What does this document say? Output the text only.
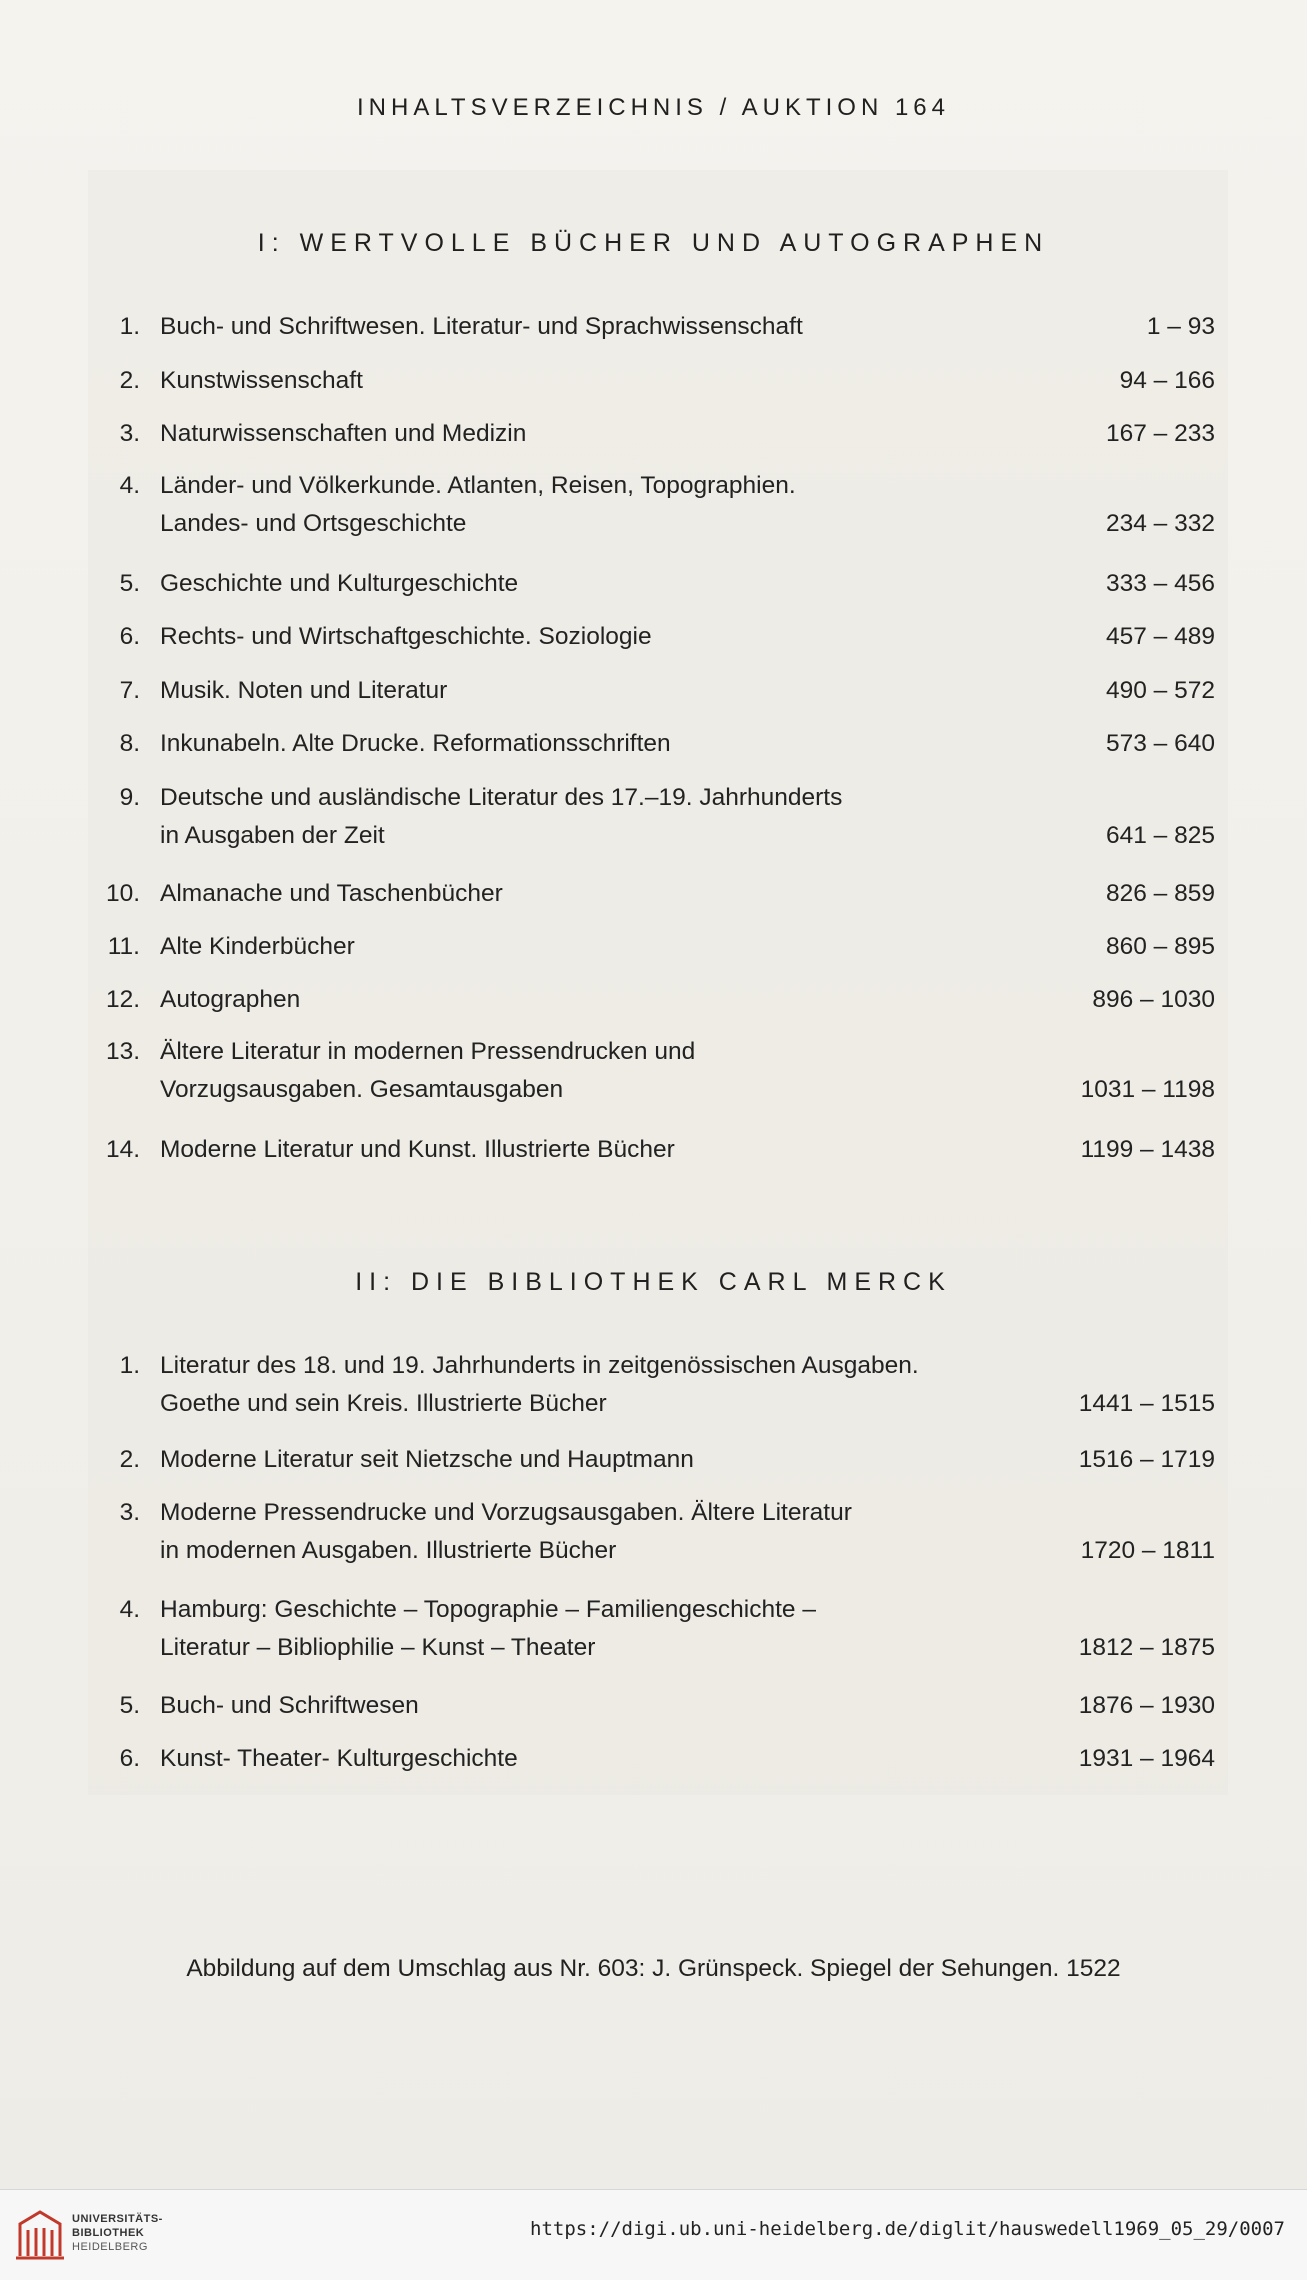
INHALTSVERZEICHNIS / AUKTION 164
I: WERTVOLLE BÜCHER UND AUTOGRAPHEN
1. Buch- und Schriftwesen. Literatur- und Sprachwissenschaft	1 – 93
2. Kunstwissenschaft	94 – 166
3. Naturwissenschaften und Medizin	167 – 233
4. Länder- und Völkerkunde. Atlanten, Reisen, Topographien.
Landes- und Ortsgeschichte	234 – 332
5. Geschichte und Kulturgeschichte	333 – 456
6. Rechts- und Wirtschaftgeschichte. Soziologie	457 – 489
7. Musik. Noten und Literatur	490 – 572
8. Inkunabeln. Alte Drucke. Reformationsschriften	573 – 640
9. Deutsche und ausländische Literatur des 17.–19. Jahrhunderts
in Ausgaben der Zeit	641 – 825
10. Almanache und Taschenbücher	826 – 859
11. Alte Kinderbücher	860 – 895
12. Autographen	896 – 1030
13. Ältere Literatur in modernen Pressendrucken und
Vorzugsausgaben. Gesamtausgaben	1031 – 1198
14. Moderne Literatur und Kunst. Illustrierte Bücher	1199 – 1438
II: DIE BIBLIOTHEK CARL MERCK
1. Literatur des 18. und 19. Jahrhunderts in zeitgenössischen Ausgaben.
Goethe und sein Kreis. Illustrierte Bücher	1441 – 1515
2. Moderne Literatur seit Nietzsche und Hauptmann	1516 – 1719
3. Moderne Pressendrucke und Vorzugsausgaben. Ältere Literatur
in modernen Ausgaben. Illustrierte Bücher	1720 – 1811
4. Hamburg: Geschichte – Topographie – Familiengeschichte –
Literatur – Bibliophilie – Kunst – Theater	1812 – 1875
5. Buch- und Schriftwesen	1876 – 1930
6. Kunst- Theater- Kulturgeschichte	1931 – 1964
Abbildung auf dem Umschlag aus Nr. 603: J. Grünspeck. Spiegel der Sehungen. 1522
UNIVERSITÄTS-
BIBLIOTHEK
HEIDELBERG
https://digi.ub.uni-heidelberg.de/diglit/hauswedell1969_05_29/0007
